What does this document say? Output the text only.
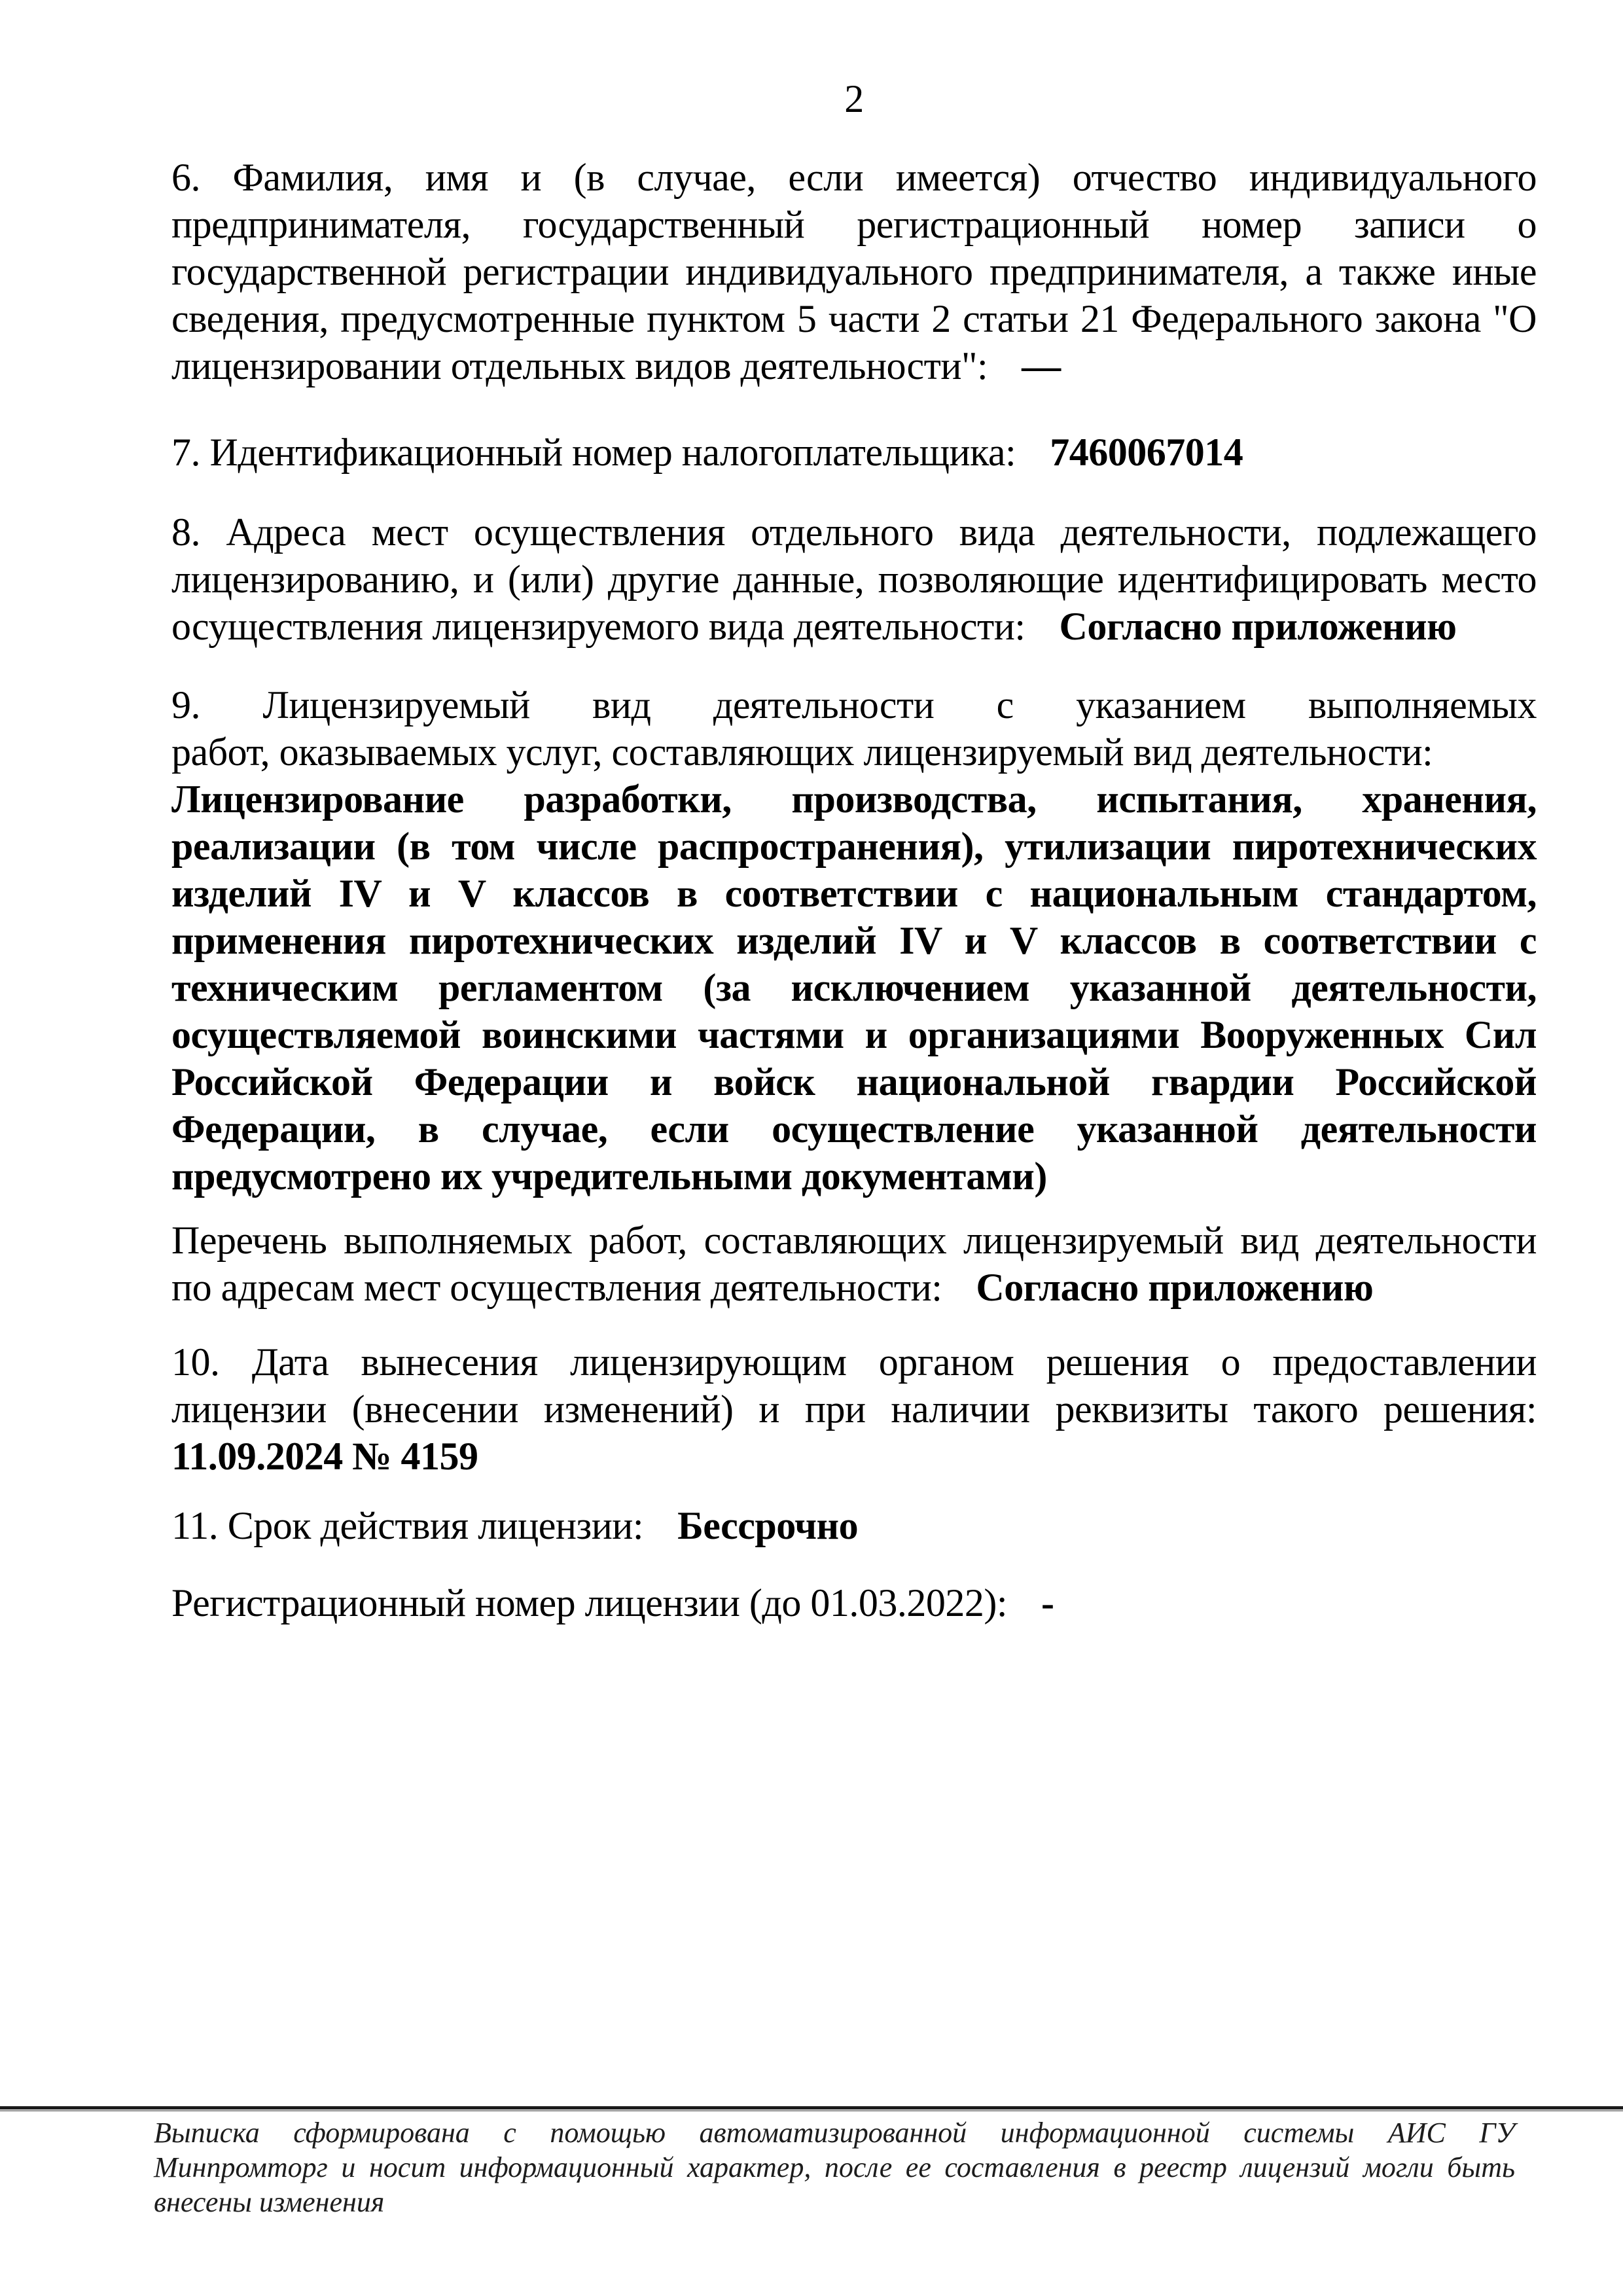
2
6. Фамилия, имя и (в случае, если имеется) отчество индивидуального
предпринимателя, государственный регистрационный номер записи о
государственной регистрации индивидуального предпринимателя, а также иные
сведения, предусмотренные пунктом 5 части 2 статьи 21 Федерального закона "О
лицензировании отдельных видов деятельности": —
7. Идентификационный номер налогоплательщика: 7460067014
8. Адреса мест осуществления отдельного вида деятельности, подлежащего
лицензированию, и (или) другие данные, позволяющие идентифицировать место
осуществления лицензируемого вида деятельности: Согласно приложению
9. Лицензируемый вид деятельности с указанием выполняемых
работ, оказываемых услуг, составляющих лицензируемый вид деятельности:
Лицензирование разработки, производства, испытания, хранения,
реализации (в том числе распространения), утилизации пиротехнических
изделий IV и V классов в соответствии с национальным стандартом,
применения пиротехнических изделий IV и V классов в соответствии с
техническим регламентом (за исключением указанной деятельности,
осуществляемой воинскими частями и организациями Вооруженных Сил
Российской Федерации и войск национальной гвардии Российской
Федерации, в случае, если осуществление указанной деятельности
предусмотрено их учредительными документами)
Перечень выполняемых работ, составляющих лицензируемый вид деятельности
по адресам мест осуществления деятельности: Согласно приложению
10. Дата вынесения лицензирующим органом решения о предоставлении
лицензии (внесении изменений) и при наличии реквизиты такого решения:
11.09.2024 № 4159
11. Срок действия лицензии: Бессрочно
Регистрационный номер лицензии (до 01.03.2022): -
Выписка сформирована с помощью автоматизированной информационной системы АИС ГУ
Минпромторг и носит информационный характер, после ее составления в реестр лицензий могли быть
внесены изменения
